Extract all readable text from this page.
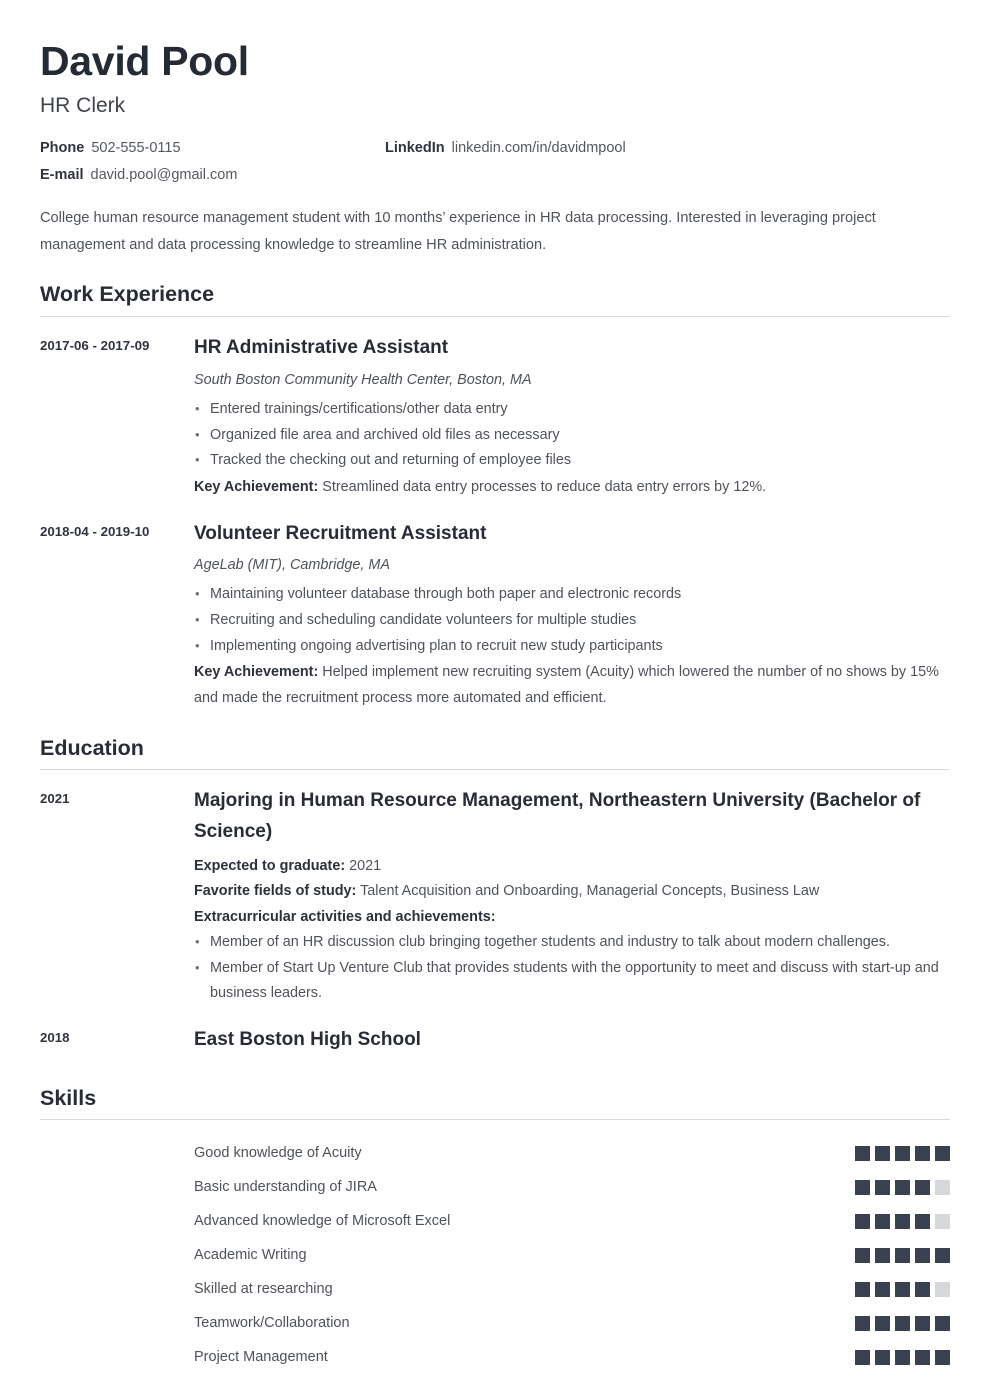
David Pool
HR Clerk
Phone 502-555-0115	LinkedIn linkedin.com/in/davidmpool
E-mail david.pool@gmail.com

College human resource management student with 10 months’ experience in HR data processing. Interested in leveraging project management and data processing knowledge to streamline HR administration.

Work Experience
2017-06 - 2017-09	HR Administrative Assistant
South Boston Community Health Center, Boston, MA
• Entered trainings/certifications/other data entry
• Organized file area and archived old files as necessary
• Tracked the checking out and returning of employee files
Key Achievement: Streamlined data entry processes to reduce data entry errors by 12%.
2018-04 - 2019-10	Volunteer Recruitment Assistant
AgeLab (MIT), Cambridge, MA
• Maintaining volunteer database through both paper and electronic records
• Recruiting and scheduling candidate volunteers for multiple studies
• Implementing ongoing advertising plan to recruit new study participants
Key Achievement: Helped implement new recruiting system (Acuity) which lowered the number of no shows by 15% and made the recruitment process more automated and efficient.
Education
2021	Majoring in Human Resource Management, Northeastern University (Bachelor of Science)
Expected to graduate: 2021
Favorite fields of study: Talent Acquisition and Onboarding, Managerial Concepts, Business Law
Extracurricular activities and achievements:
• Member of an HR discussion club bringing together students and industry to talk about modern challenges.
• Member of Start Up Venture Club that provides students with the opportunity to meet and discuss with start-up and business leaders.
2018	East Boston High School
Skills
Good knowledge of Acuity
Basic understanding of JIRA
Advanced knowledge of Microsoft Excel
Academic Writing
Skilled at researching
Teamwork/Collaboration
Project Management
